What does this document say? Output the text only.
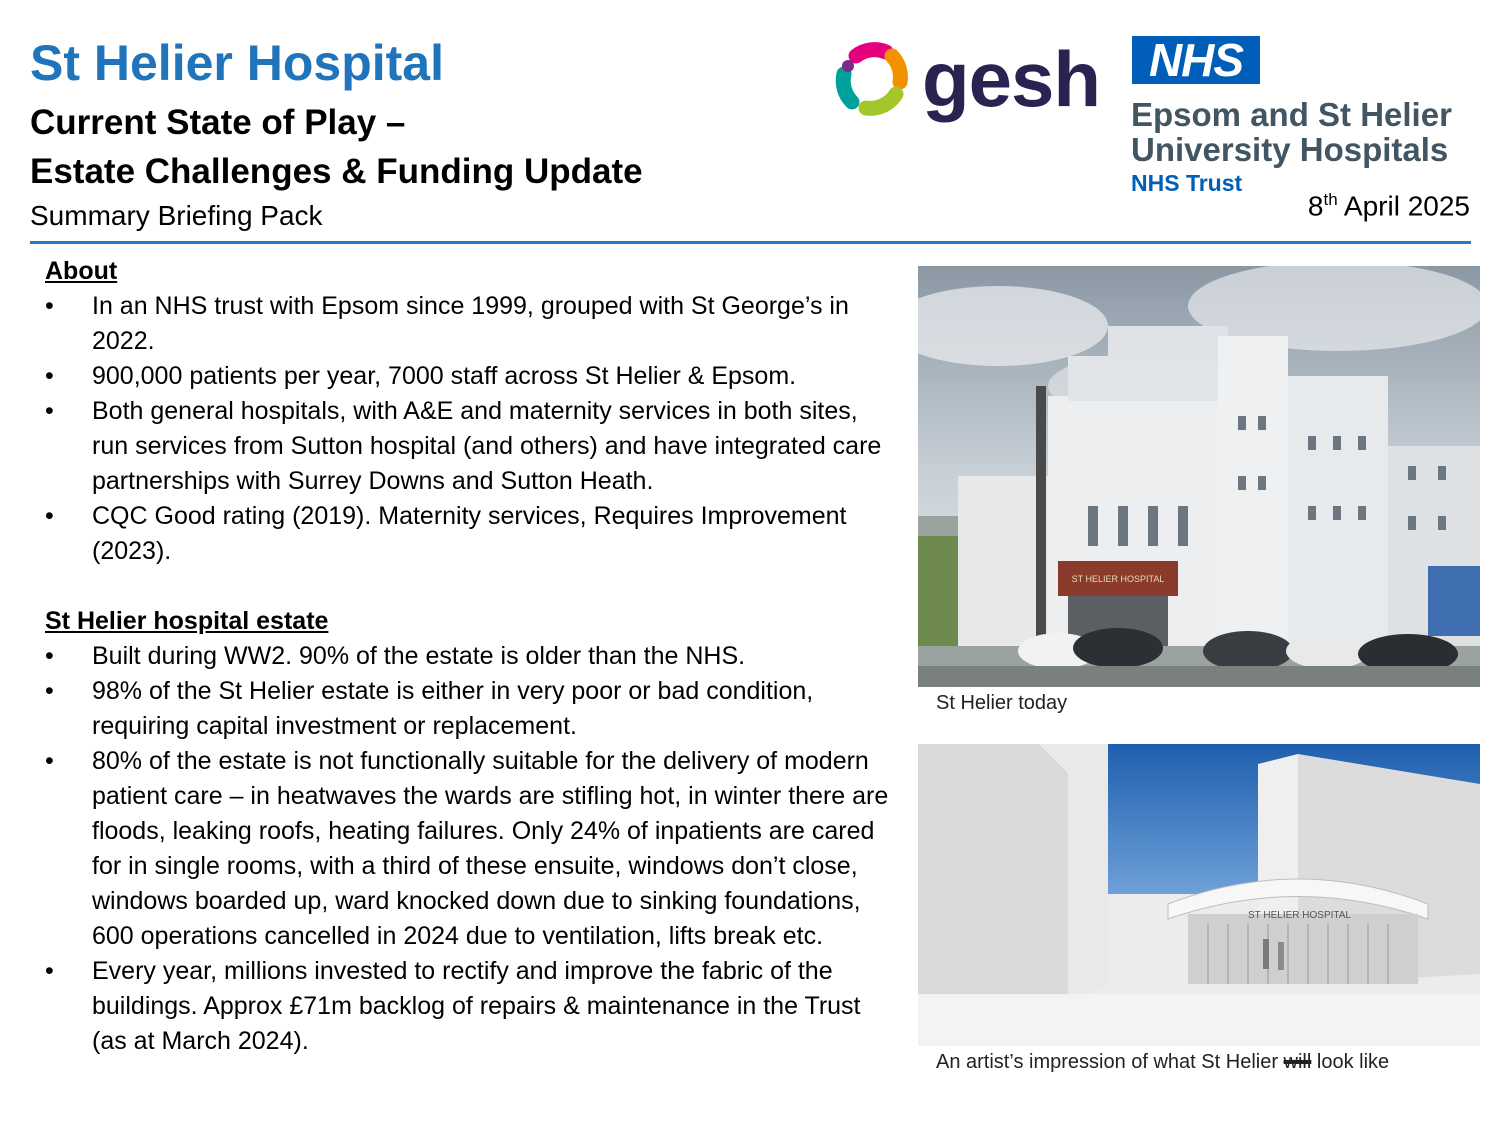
St Helier Hospital
Current State of Play –
Estate Challenges & Funding Update
Summary Briefing Pack	8th April 2025
gesh	NHS
Epsom and St Helier
University Hospitals
NHS Trust

About

• In an NHS trust with Epsom since 1999, grouped with St George’s in 2022.
• 900,000 patients per year, 7000 staff across St Helier & Epsom.
• Both general hospitals, with A&E and maternity services in both sites, run services from Sutton hospital (and others) and have integrated care partnerships with Surrey Downs and Sutton Heath.
• CQC Good rating (2019). Maternity services, Requires Improvement (2023).

St Helier hospital estate

• Built during WW2. 90% of the estate is older than the NHS.
• 98% of the St Helier estate is either in very poor or bad condition, requiring capital investment or replacement.
• 80% of the estate is not functionally suitable for the delivery of modern patient care – in heatwaves the wards are stifling hot, in winter there are floods, leaking roofs, heating failures. Only 24% of inpatients are cared for in single rooms, with a third of these ensuite, windows don’t close, windows boarded up, ward knocked down due to sinking foundations, 600 operations cancelled in 2024 due to ventilation, lifts break etc.
• Every year, millions invested to rectify and improve the fabric of the buildings. Approx £71m backlog of repairs & maintenance in the Trust (as at March 2024).
ST HELIER HOSPITAL
St Helier today
ST HELIER HOSPITAL
An artist’s impression of what St Helier will look like
